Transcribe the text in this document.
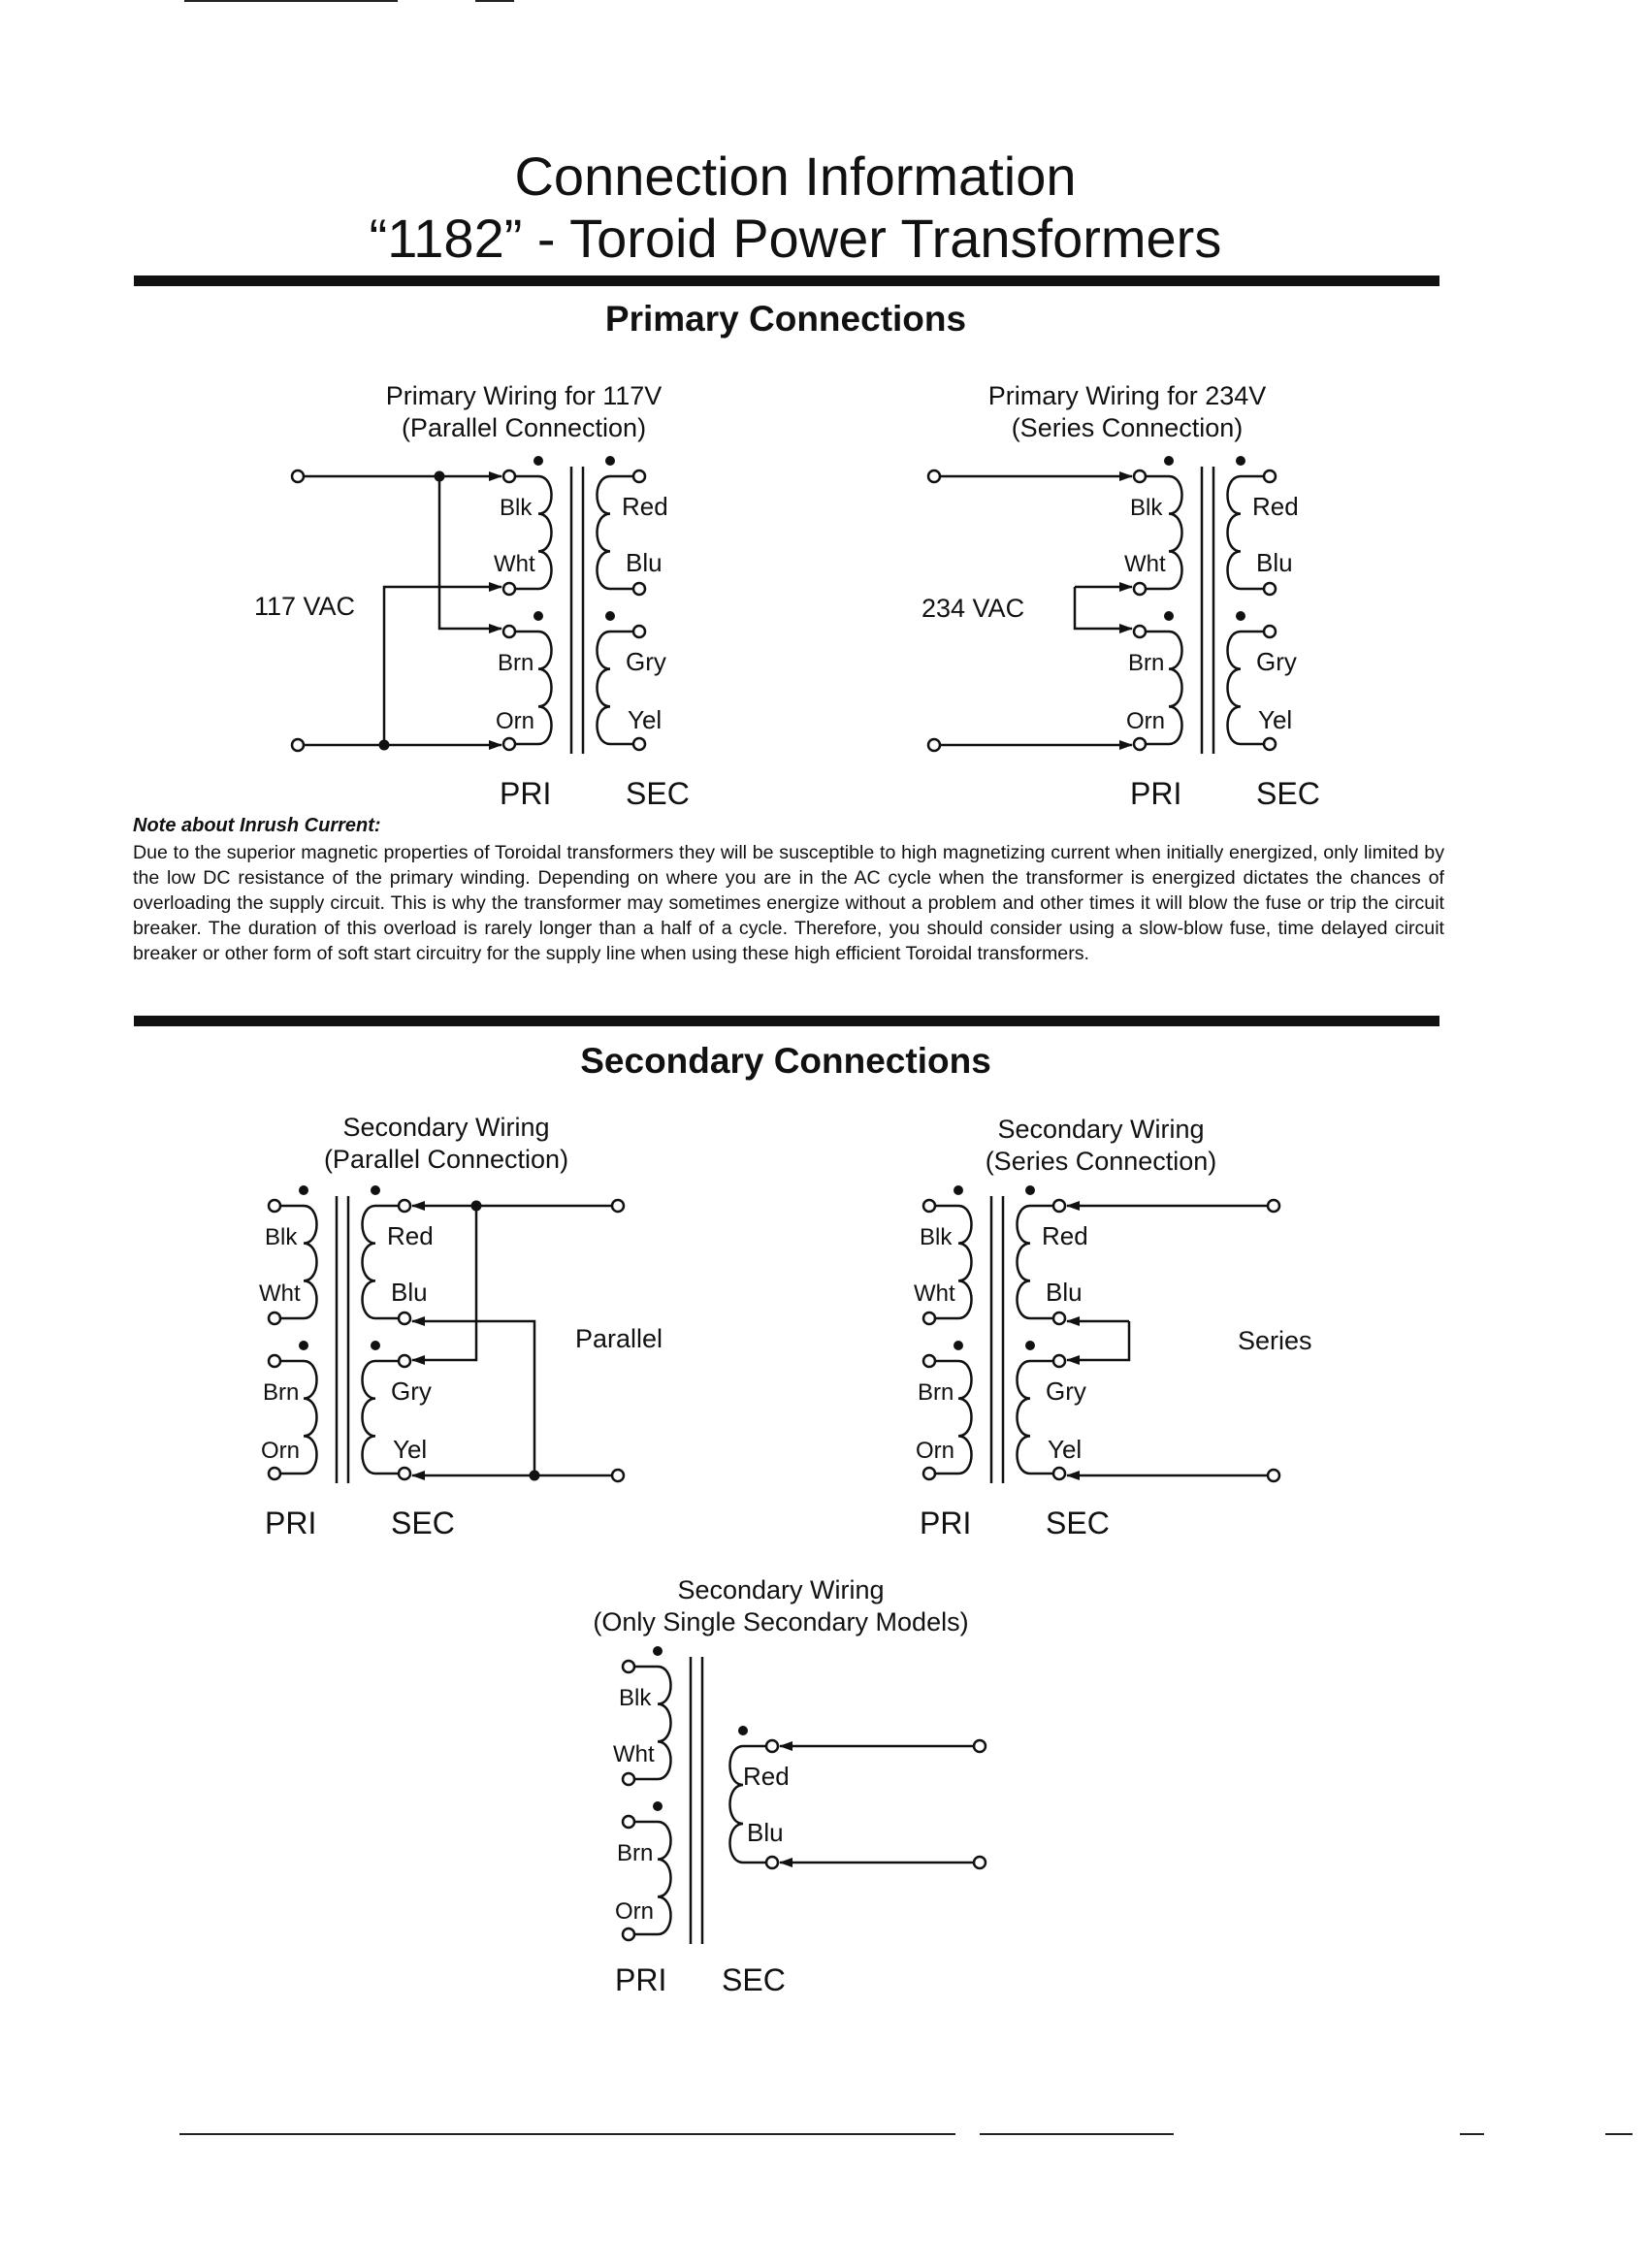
Connection Information
“1182” - Toroid Power Transformers
Primary Connections
Blk
Wht
Brn
Orn
Red
Blu
Gry
Yel
PRI SEC
Blk
Wht
Brn
Orn
Red
Blu
Gry
Yel
PRI SEC
Blk
Wht
Brn
Orn
Red
Blu
Gry
Yel
PRI SEC
Blk
Wht
Brn
Orn
Red
Blu
Gry
Yel
PRI SEC
Blk
Wht
Brn
Orn
Red
Blu
PRI SEC
Primary Wiring for 117V
(Parallel Connection)
Primary Wiring for 234V
(Series Connection)
117 VAC	234 VAC
Note about Inrush Current:
Due to the superior magnetic properties of Toroidal transformers they will be susceptible to high magnetizing current when initially energized, only limited by the low DC resistance of the primary winding. Depending on where you are in the AC cycle when the transformer is energized dictates the chances of overloading the supply circuit. This is why the transformer may sometimes energize without a problem and other times it will blow the fuse or trip the circuit breaker. The duration of this overload is rarely longer than a half of a cycle. Therefore, you should consider using a slow-blow fuse, time delayed circuit breaker or other form of soft start circuitry for the supply line when using these high efficient Toroidal transformers.
Secondary Connections
Secondary Wiring
(Parallel Connection)
Secondary Wiring
(Series Connection)
Parallel	Series
Secondary Wiring
(Only Single Secondary Models)
